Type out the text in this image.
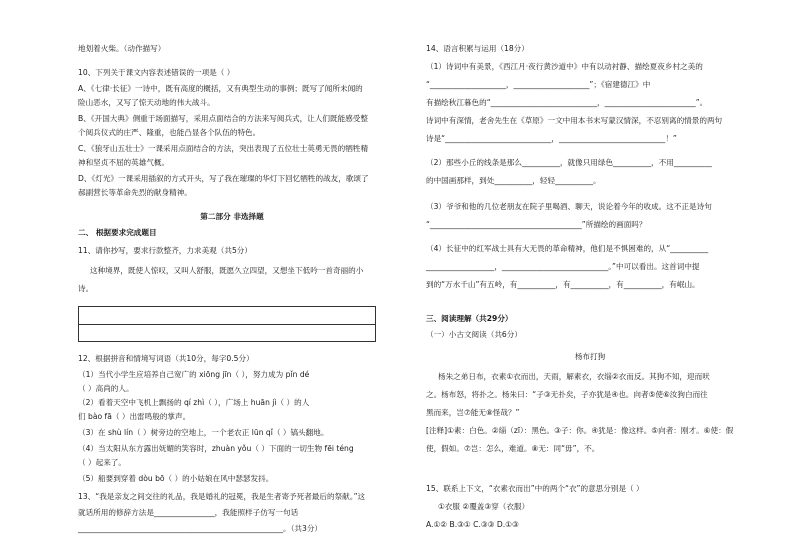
地划着火柴。（动作描写）
10、下列关于课文内容表述错误的一项是（ ）
A、《七律·长征》一诗中，既有高度的概括，又有典型生动的事例；既写了闻所未闻的
险山恶水，又写了惊天动地的伟大战斗。
B、《开国大典》侧重于场面描写，采用点面结合的方法来写阅兵式，让人们既能感受整
个阅兵仪式的庄严、隆重，也能凸显各个队伍的特色。
C、《狼牙山五壮士》一课采用点面结合的方法，突出表现了五位壮士英勇无畏的牺牲精
神和坚贞不屈的英雄气概。
D、《灯光》一课采用插叙的方式开头，写了我在璀璨的华灯下回忆牺牲的战友，歌颂了
郝副营长等革命先烈的献身精神。
第二部分 非选择题
二、 根据要求完成题目
11、请你抄写，要求行款整齐，力求美观（共5分）
这种境界，既使人惊叹，又叫人舒服，既愿久立四望，又想坐下低吟一首奇丽的小
诗。
12、根据拼音和情境写词语（共10分，每字0.5分）
（1）当代小学生应培养自己宽广的 xiōng jīn（ ），努力成为 pǐn dé
（ ）高尚的人。
（2）看着天空中飞机上飘扬的 qí zhì（ ），广场上 huān jì（ ）的人
们 bào fā（ ）出雷鸣般的掌声。
（3）在 shù lín（ ）树旁边的空地上，一个老农正 lūn qǐ（ ）镐头翻地。
（4）当太阳从东方露出妩媚的笑容时，zhuàn yǒu（ ）下面的一切生物 fēi téng
（ ）起来了。
（5）船要到穿着 dòu bō（ ）的小姑娘在风中瑟瑟发抖。
13、“我是亲友之间交往的礼品，我是婚礼的冠冕，我是生者寄予死者最后的祭献。”这
就话所用的修辞方法是________________，我能照样子仿写一句话
______________________________________________________。（共3分）
14、语言积累与运用（18分）
（1）诗词中有美景，《西江月·夜行黄沙道中》中有以动衬静、描绘夏夜乡村之美的
“____________________，____________________”；《宿建德江》中
有描绘秋江暮色的“____________________________，________________________”。
诗词中有深情，老舍先生在《草原》一文中用本书末写蒙汉情深，不忍别离的情景的两句
诗是“____________________________，____________________________！”
（2）那些小丘的线条是那么__________，就像只用绿色__________，不用__________
的中国画那样，到处__________，轻轻__________。
（3）爷爷和他的几位老朋友在院子里喝酒、聊天，说论着今年的收成。这不正是诗句
“________________________________________”所描绘的画面吗？
（4）长征中的红军战士具有大无畏的革命精神，他们是不惧困难的，从“__________
__________________，____________________________。”中可以看出。这首词中提
到的“万水千山”有五岭，有__________，有__________，有__________，有岷山。
三、阅读理解（共29分）
（一）小古文阅读（共6分）
杨布打狗
杨朱之弟日布，衣素①衣而出，天雨，解素衣，衣缁②衣而反。其狗不知，迎而吠
之。杨布怒，将扑之。杨朱曰：“子③无扑矣，子亦犹是④也。向者⑤使⑥汝狗白而往
黑而来，岂⑦能无⑧怪哉？”
[注释]①素：白色。②缁（zī）：黑色。③子：你。④犹是：像这样。⑤向者：刚才。⑥使：假
使，假如。⑦岂：怎么，难道。⑧无：同“毋”，不。
15、联系上下文，“衣素衣而出”中的两个“衣”的意思分别是（ ）
①衣服 ②覆盖③穿（衣服）
A.①② B.③① C.③③ D.①③
